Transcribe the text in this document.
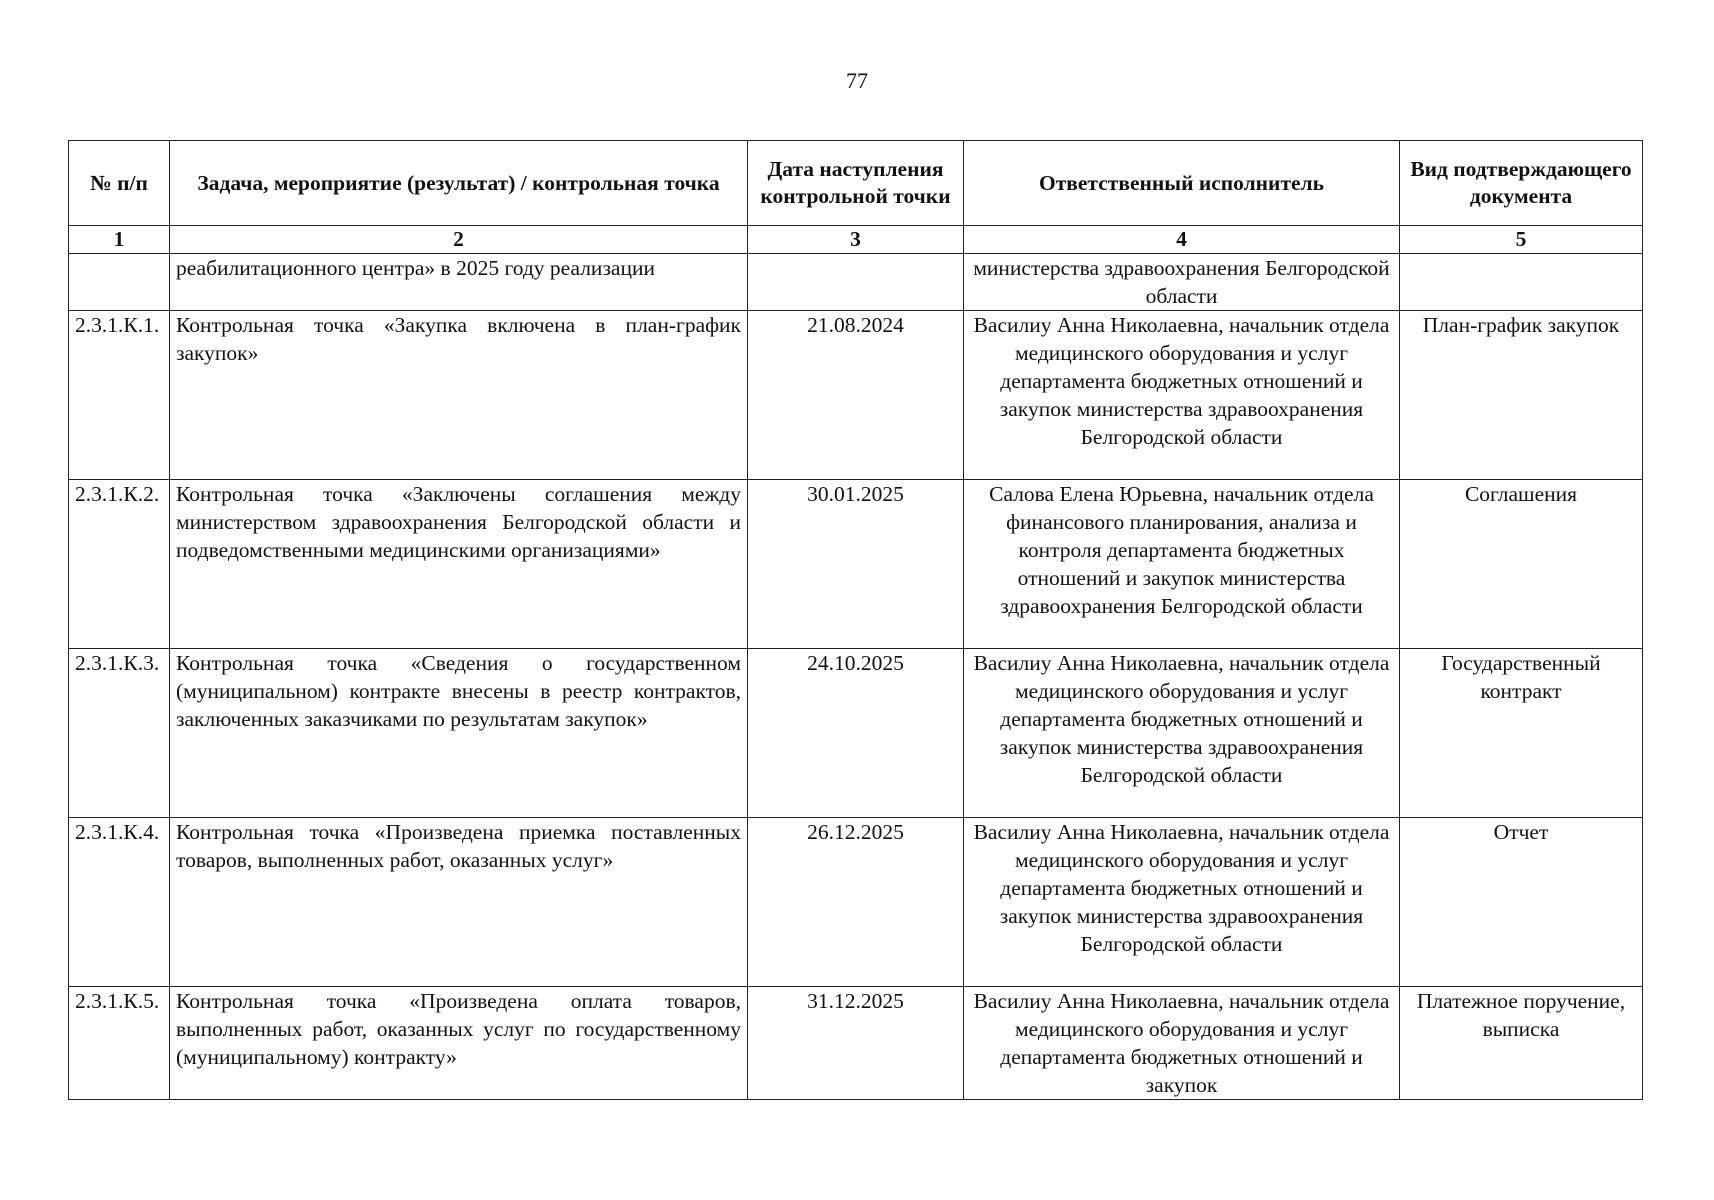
77
№ п/п	Задача, мероприятие (результат) / контрольная точка	Дата наступления контрольной точки	Ответственный исполнитель	Вид подтверждающего документа
1	2	3	4	5
	реабилитационного центра» в 2025 году реализации		министерства здравоохранения Белгородской области	
2.3.1.К.1.	Контрольная точка «Закупка включена в план-график закупок»	21.08.2024	Василиу Анна Николаевна, начальник отдела медицинского оборудования и услуг департамента бюджетных отношений и закупок министерства здравоохранения Белгородской области	План-график закупок
2.3.1.К.2.	Контрольная точка «Заключены соглашения между министерством здравоохранения Белгородской области и подведомственными медицинскими организациями»	30.01.2025	Салова Елена Юрьевна, начальник отдела финансового планирования, анализа и контроля департамента бюджетных отношений и закупок министерства здравоохранения Белгородской области	Соглашения
2.3.1.К.3.	Контрольная точка «Сведения о государственном (муниципальном) контракте внесены в реестр контрактов, заключенных заказчиками по результатам закупок»	24.10.2025	Василиу Анна Николаевна, начальник отдела медицинского оборудования и услуг департамента бюджетных отношений и закупок министерства здравоохранения Белгородской области	Государственный контракт
2.3.1.К.4.	Контрольная точка «Произведена приемка поставленных товаров, выполненных работ, оказанных услуг»	26.12.2025	Василиу Анна Николаевна, начальник отдела медицинского оборудования и услуг департамента бюджетных отношений и закупок министерства здравоохранения Белгородской области	Отчет
2.3.1.К.5.	Контрольная точка «Произведена оплата товаров, выполненных работ, оказанных услуг по государственному (муниципальному) контракту»	31.12.2025	Василиу Анна Николаевна, начальник отдела медицинского оборудования и услуг департамента бюджетных отношений и закупок	Платежное поручение, выписка
